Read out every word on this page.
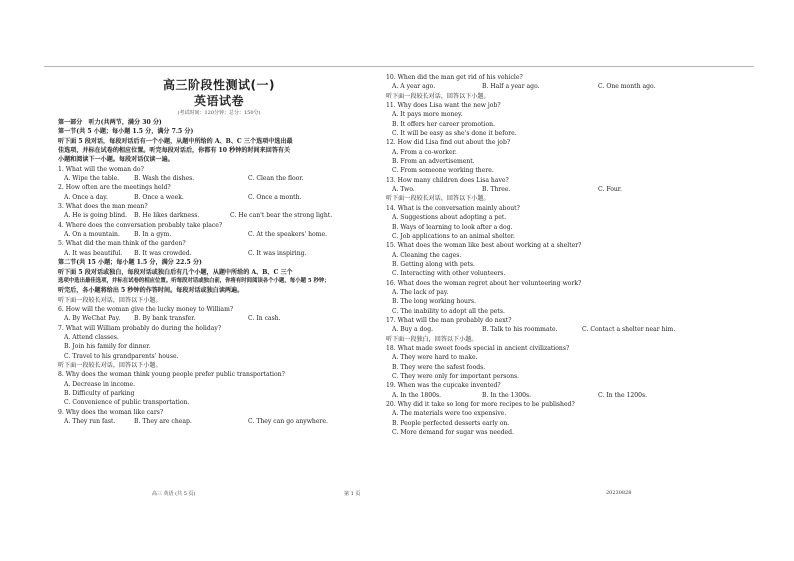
高三阶段性测试(一)
英语试卷
(考试时间：120分钟；总分：150分)
第一部分　听力(共两节，满分 30 分)
第一节(共 5 小题；每小题 1.5 分，满分 7.5 分)
听下面 5 段对话，每段对话后有一个小题，从题中所给的 A、B、C 三个选项中选出最
佳选项，并标在试卷的相应位置。听完每段对话后，你都有 10 秒钟的时间来回答有关
小题和阅读下一小题。每段对话仅读一遍。
1. What will the woman do?
A. Wipe the table. B. Wash the dishes.	C. Clean the floor.
2. How often are the meetings held?
A. Once a day.	B. Once a week.	C. Once a month.
3. What does the man mean?
A. He is going blind. B. He likes darkness.	C. He can't bear the strong light.
4. Where does the conversation probably take place?
A. On a mountain. B. In a gym.	C. At the speakers' home.
5. What did the man think of the garden?
A. It was beautiful. B. It was crowded.	C. It was inspiring.
第二节(共 15 小题；每小题 1.5 分，满分 22.5 分)
听下面 5 段对话或独白，每段对话或独白后有几个小题，从题中所给的 A、B、C 三个
选项中选出最佳选项，并标在试卷的相应位置。听每段对话或独白前，你将有时间阅读各个小题，每小题 5 秒钟；
听完后，各小题将给出 5 秒钟的作答时间。每段对话或独白读两遍。
听下面一段较长对话，回答以下小题。
6. How will the woman give the lucky money to William?
A. By WeChat Pay. B. By bank transfer.	C. In cash.
7. What will William probably do during the holiday?
A. Attend classes.
B. Join his family for dinner.
C. Travel to his grandparents' house.
听下面一段较长对话，回答以下小题。
8. Why does the woman think young people prefer public transportation?
A. Decrease in income.
B. Difficulty of parking
C. Convenience of public transportation.
9. Why does the woman like cars?
A. They run fast.	B. They are cheap.	C. They can go anywhere.
10. When did the man get rid of his vehicle?
A. A year ago.	B. Half a year ago.	C. One month ago.
听下面一段较长对话，回答以下小题。
11. Why does Lisa want the new job?
A. It pays more money.
B. It offers her career promotion.
C. It will be easy as she's done it before.
12. How did Lisa find out about the job?
A. From a co-worker.
B. From an advertisement.
C. From someone working there.
13. How many children does Lisa have?
A. Two.	B. Three.	C. Four.
听下面一段较长对话，回答以下小题。
14. What is the conversation mainly about?
A. Suggestions about adopting a pet.
B. Ways of learning to look after a dog.
C. Job applications to an animal shelter.
15. What does the woman like best about working at a shelter?
A. Cleaning the cages.
B. Getting along with pets.
C. Interacting with other volunteers.
16. What does the woman regret about her volunteering work?
A. The lack of pay.
B. The long working hours.
C. The inability to adopt all the pets.
17. What will the man probably do next?
A. Buy a dog.	B. Talk to his roommate.	C. Contact a shelter near him.
听下面一段独白，回答以下小题。
18. What made sweet foods special in ancient civilizations?
A. They were hard to make.
B. They were the safest foods.
C. They were only for important persons.
19. When was the cupcake invented?
A. In the 1800s.	B. In the 1300s.	C. In the 1200s.
20. Why did it take so long for more recipes to be published?
A. The materials were too expensive.
B. People perfected desserts early on.
C. More demand for sugar was needed.
高三 英语 (共 5 页)	第 1 页	20230828
